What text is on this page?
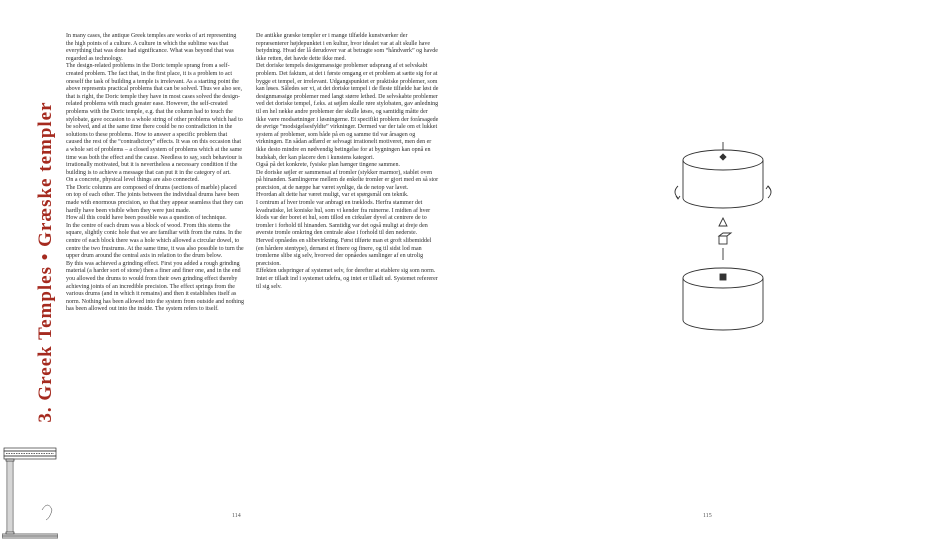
3. Greek Temples • Græske templer

In many cases, the antique Greek temples are works of art representing the high points of a culture. A culture in which the sublime was that everything that was done had significance. What was beyond that was regarded as technology.

The design-related problems in the Doric temple sprang from a self-created problem. The fact that, in the first place, it is a problem to act oneself the task of building a temple is irrelevant. As a starting point the above represents practical problems that can be solved. Thus we also see, that is right, the Doric temple they have in most cases solved the design-related problems with much greater ease. However, the self-created problems with the Doric temple, e.g. that the column had to touch the stylobate, gave occasion to a whole string of other problems which had to be solved, and at the same time there could be no contradiction in the solutions to these problems. How to answer a specific problem that caused the rest of the “contradictory” effects. It was on this occasion that a whole set of problems – a closed system of problems which at the same time was both the effect and the cause. Needless to say, such behaviour is irrationally motivated, but it is nevertheless a necessary condition if the building is to achieve a message that can put it in the category of art.

On a concrete, physical level things are also connected.

The Doric columns are composed of drums (sections of marble) placed on top of each other. The joints between the individual drums have been made with enormous precision, so that they appear seamless that they can hardly have been visible when they were just made.

How all this could have been possible was a question of technique.

In the centre of each drum was a block of wood. From this stems the square, slightly conic hole that we are familiar with from the ruins. In the centre of each block there was a hole which allowed a circular dowel, to centre the two frustrums. At the same time, it was also possible to turn the upper drum around the central axis in relation to the drum below.

By this was achieved a grinding effect. First you added a rough grinding material (a harder sort of stone) then a finer and finer one, and in the end you allowed the drums to would from their own grinding effect thereby achieving joints of an incredible precision. The effect springs from the various drums (and in which it remains) and then it establishes itself as norm. Nothing has been allowed into the system from outside and nothing has been allowed out into the inside. The system refers to itself.

De antikke græske templer er i mange tilfælde kunstværker der repræsenterer højdepunktet i en kultur, hvor idealet var at alt skulle have betydning. Hvad der lå derudover var at betragte som “håndværk” og havde ikke retten, det havde dette ikke med.

Det doriske tempels designmæssige problemer udsprang af et selvskabt problem. Det faktum, at det i første omgang er et problem at sætte sig for at bygge et tempel, er irrelevant. Udgangspunktet er praktiske problemer, som kan løses. Således ser vi, at det doriske tempel i de fleste tilfælde har løst de designmæssige problemer med langt større lethed. De selvskabte problemer ved det doriske tempel, f.eks. at søjlen skulle røre stylobaten, gav anledning til en hel række andre problemer der skulle løses, og samtidig måtte der ikke være modsætninger i løsningerne. Et specifikt problem der forårsagede de øvrige “modsigelsesfyldte” virkninger. Dermed var der tale om et lukket system af problemer, som både på en og samme tid var årsagen og virkningen. En sådan adfærd er selvsagt irrationelt motiveret, men den er ikke desto mindre en nødvendig betingelse for at bygningen kan opnå en budskab, der kan placere den i kunstens kategori.

Også på det konkrete, fysiske plan hænger tingene sammen.

De doriske søjler er sammensat af tromler (stykker marmor), stablet oven på hinanden. Samlingerne mellem de enkelte tromler er gjort med en så stor præcision, at de næppe har været synlige, da de netop var lavet.

Hvordan alt dette har været muligt, var et spørgsmål om teknik.

I centrum af hver tromle var anbragt en træklods. Herfra stammer det kvadratiske, let koniske hul, som vi kender fra ruinerne. I midten af hver klods var der boret et hul, som tillod en cirkulær dyvel at centrere de to tromler i forhold til hinanden. Samtidig var det også muligt at dreje den øverste tromle omkring den centrale akse i forhold til den nederste.

Herved opnåedes en slibevirkning. Først tilførte man et groft slibemiddel (en hårdere stentype), dernæst et finere og finere, og til sidst lod man tromlerne slibe sig selv, hvorved der opnåedes samlinger af en utrolig præcision.

Effekten udspringer af systemet selv, for derefter at etablere sig som norm. Intet er tilladt ind i systemet udefra, og intet er tilladt ud. Systemet refererer til sig selv.

114	115
